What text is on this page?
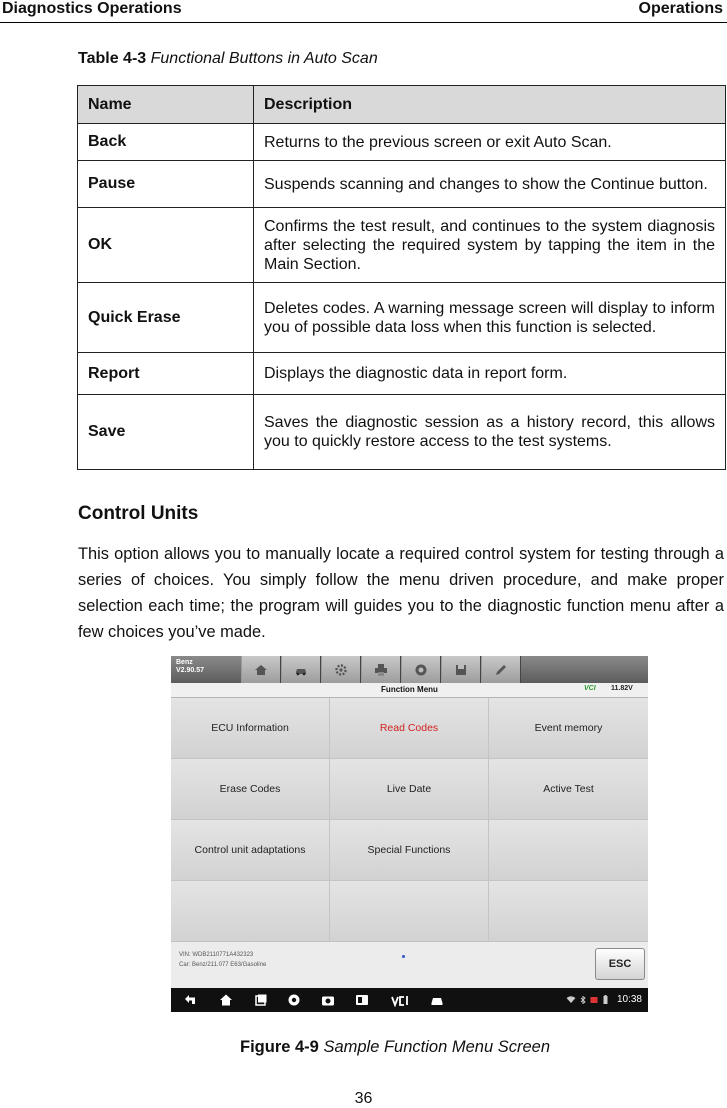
Diagnostics Operations	Operations
Table 4-3 Functional Buttons in Auto Scan
Name	Description
Back	Returns to the previous screen or exit Auto Scan.
Pause	Suspends scanning and changes to show the Continue button.
OK	Confirms the test result, and continues to the system diagnosis after selecting the required system by tapping the item in the Main Section.
Quick Erase	Deletes codes. A warning message screen will display to inform you of possible data loss when this function is selected.
Report	Displays the diagnostic data in report form.
Save	Saves the diagnostic session as a history record, this allows you to quickly restore access to the test systems.
Control Units
This option allows you to manually locate a required control system for testing through a series of choices. You simply follow the menu driven procedure, and make proper selection each time; the program will guides you to the diagnostic function menu after a few choices you’ve made.
Benz
V2.90.57
Function Menu	VCI 11.82V
ECU Information	Read Codes	Event memory
Erase Codes	Live Date	Active Test
Control unit adaptations	Special Functions
VIN: WDB2110771A432323
Car: Benz/211.077 E63/Gasoline	ESC

10:38
Figure 4-9 Sample Function Menu Screen
36
